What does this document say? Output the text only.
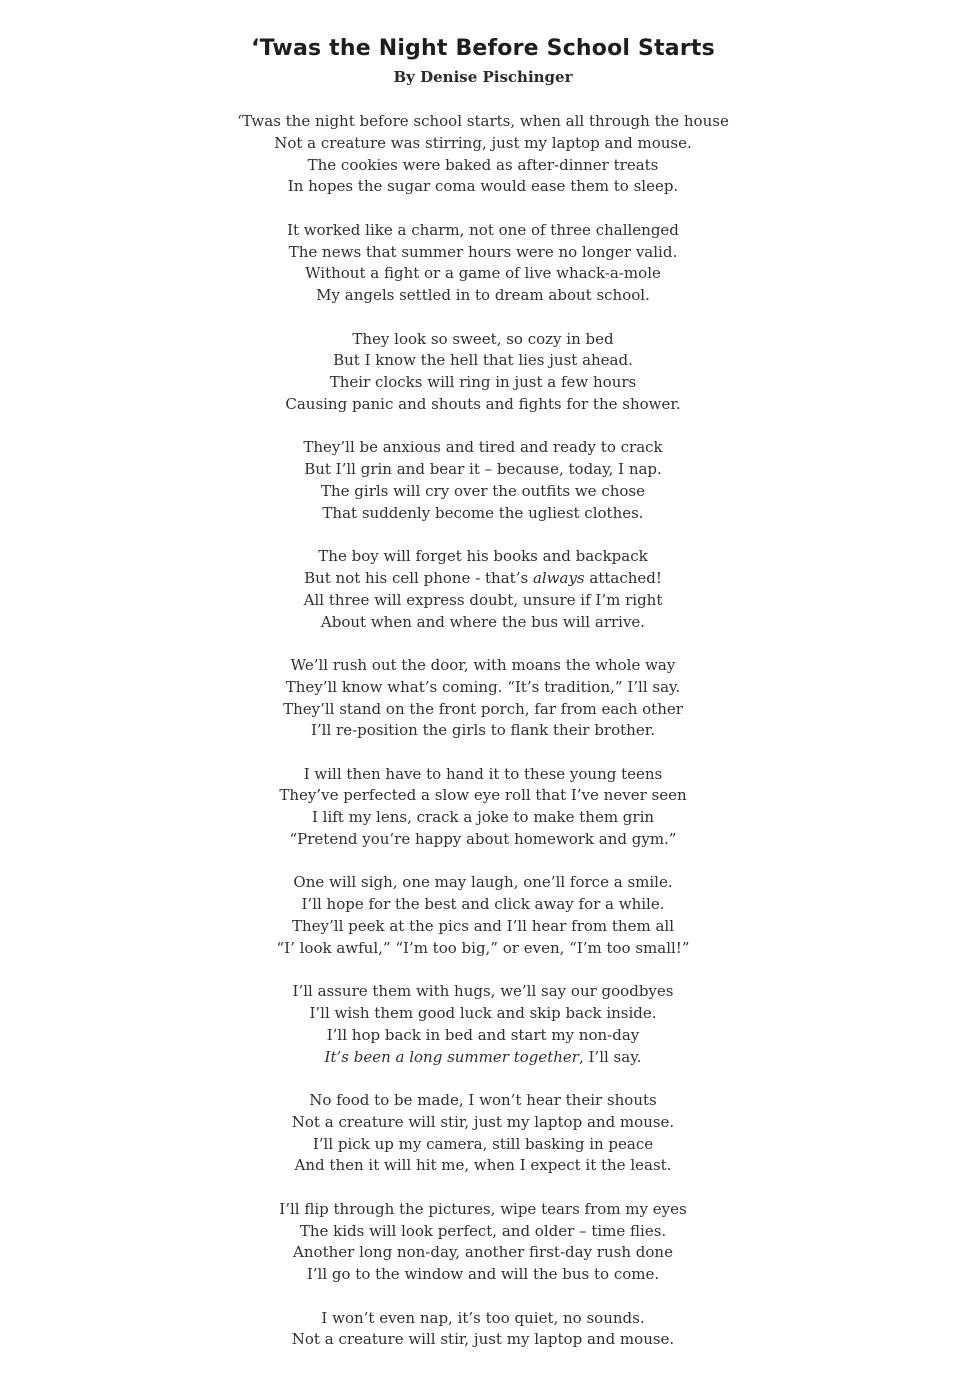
‘Twas the Night Before School Starts
By Denise Pischinger
‘Twas the night before school starts, when all through the house
Not a creature was stirring, just my laptop and mouse.
The cookies were baked as after-dinner treats
In hopes the sugar coma would ease them to sleep.
It worked like a charm, not one of three challenged
The news that summer hours were no longer valid.
Without a fight or a game of live whack-a-mole
My angels settled in to dream about school.
They look so sweet, so cozy in bed
But I know the hell that lies just ahead.
Their clocks will ring in just a few hours
Causing panic and shouts and fights for the shower.
They’ll be anxious and tired and ready to crack
But I’ll grin and bear it – because, today, I nap.
The girls will cry over the outfits we chose
That suddenly become the ugliest clothes.
The boy will forget his books and backpack
But not his cell phone - that’s always attached!
All three will express doubt, unsure if I’m right
About when and where the bus will arrive.
We’ll rush out the door, with moans the whole way
They’ll know what’s coming. “It’s tradition,” I’ll say.
They’ll stand on the front porch, far from each other
I’ll re-position the girls to flank their brother.
I will then have to hand it to these young teens
They’ve perfected a slow eye roll that I’ve never seen
I lift my lens, crack a joke to make them grin
“Pretend you’re happy about homework and gym.”
One will sigh, one may laugh, one’ll force a smile.
I’ll hope for the best and click away for a while.
They’ll peek at the pics and I’ll hear from them all
“I’ look awful,” “I’m too big,” or even, “I’m too small!”
I’ll assure them with hugs, we’ll say our goodbyes
I’ll wish them good luck and skip back inside.
I’ll hop back in bed and start my non-day
It’s been a long summer together, I’ll say.
No food to be made, I won’t hear their shouts
Not a creature will stir, just my laptop and mouse.
I’ll pick up my camera, still basking in peace
And then it will hit me, when I expect it the least.
I’ll flip through the pictures, wipe tears from my eyes
The kids will look perfect, and older – time flies.
Another long non-day, another first-day rush done
I’ll go to the window and will the bus to come.
I won’t even nap, it’s too quiet, no sounds.
Not a creature will stir, just my laptop and mouse.
